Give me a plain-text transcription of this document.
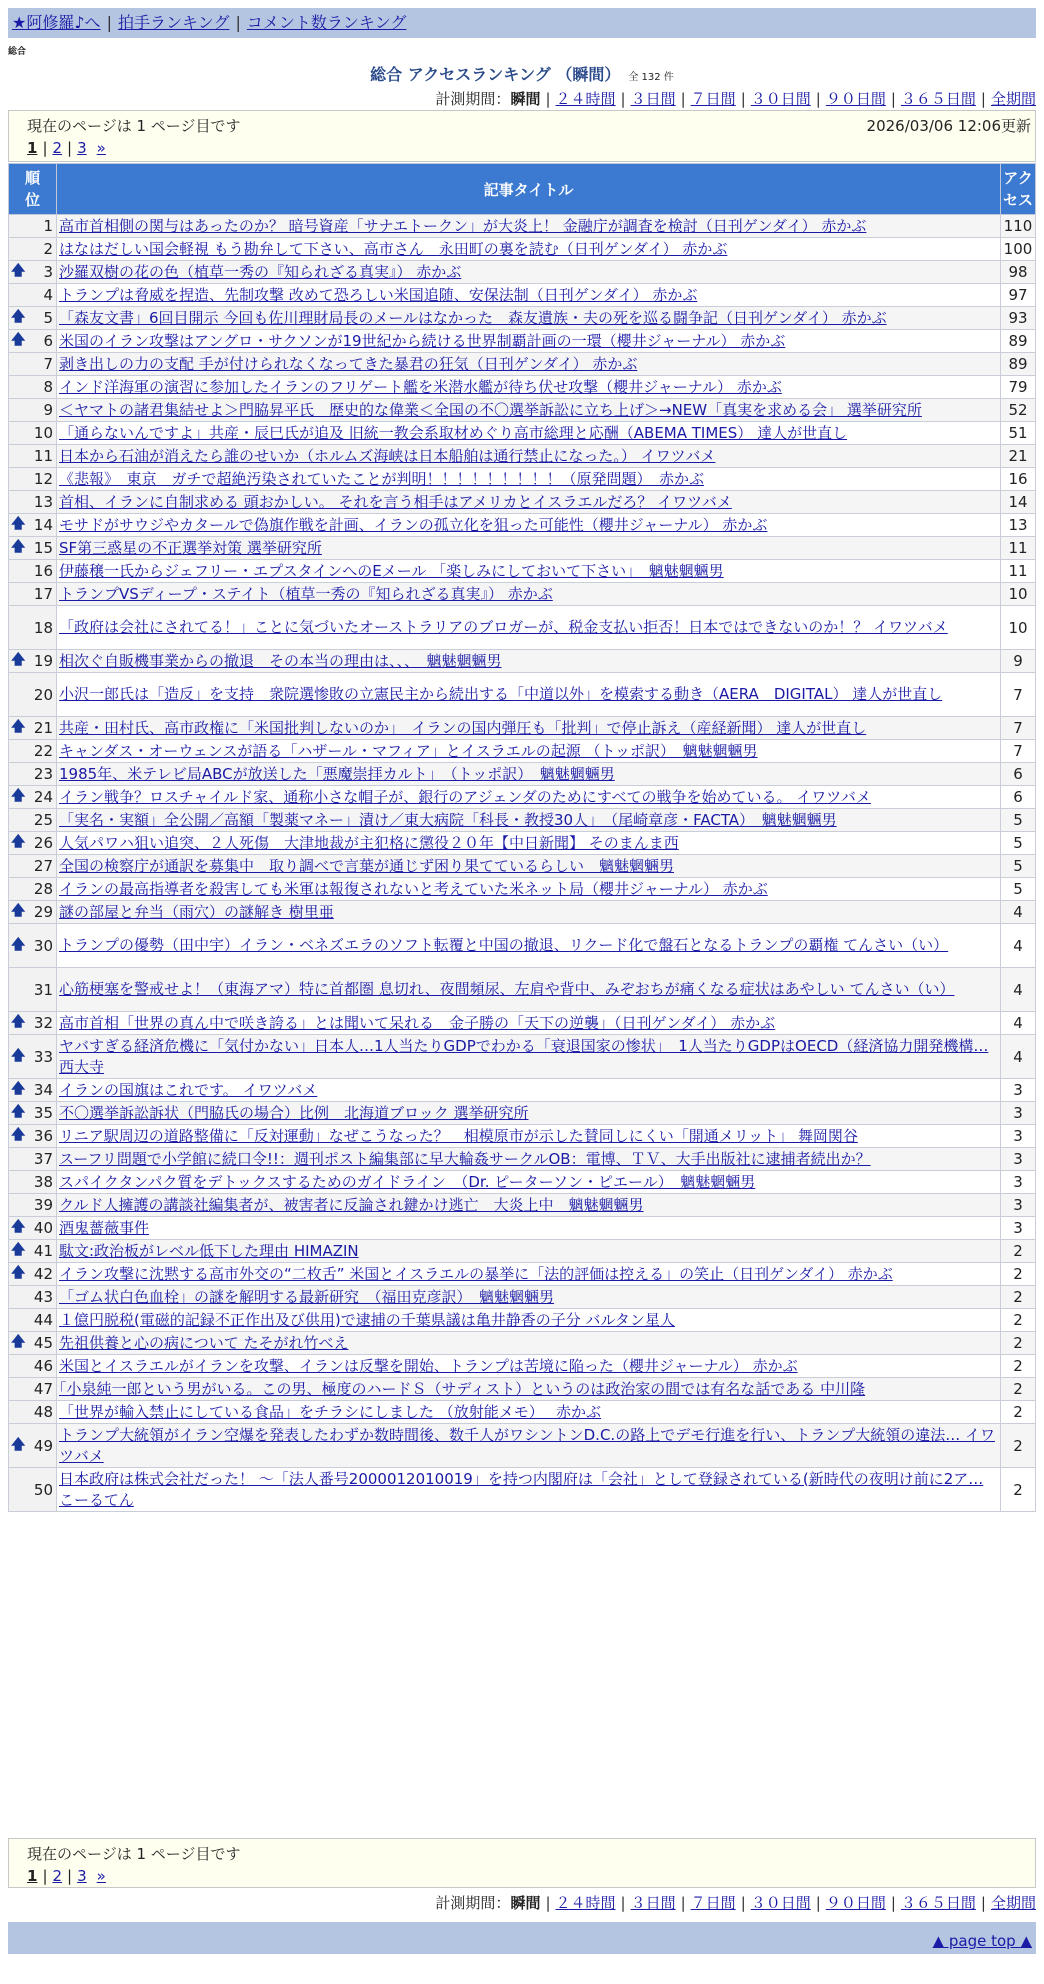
★阿修羅♪へ | 拍手ランキング | コメント数ランキング
総合
総合 アクセスランキング （瞬間） 全 132 件
計測期間：瞬間 | ２４時間 | ３日間 | ７日間 | ３０日間 | ９０日間 | ３６５日間 | 全期間
現在のページは 1 ページ目です	2026/03/06 12:06更新
1 | 2 | 3 »
順
位	記事タイトル	アク
セス
1	高市首相側の関与はあったのか？ 暗号資産「サナエトークン」が大炎上！ 金融庁が調査を検討（日刊ゲンダイ） 赤かぶ	110
2	はなはだしい国会軽視 もう勘弁して下さい、高市さん　永田町の裏を読む（日刊ゲンダイ） 赤かぶ	100

🡅 3	沙羅双樹の花の色（植草一秀の『知られざる真実』） 赤かぶ	98
4	トランプは脅威を捏造、先制攻撃 改めて恐ろしい米国追随、安保法制（日刊ゲンダイ） 赤かぶ	97

🡅 5	「森友文書」6回目開示 今回も佐川理財局長のメールはなかった　森友遺族・夫の死を巡る闘争記（日刊ゲンダイ） 赤かぶ	93

🡅 6	米国のイラン攻撃はアングロ・サクソンが19世紀から続ける世界制覇計画の一環（櫻井ジャーナル） 赤かぶ	89
7	剥き出しの力の支配 手が付けられなくなってきた暴君の狂気（日刊ゲンダイ） 赤かぶ	89
8	インド洋海軍の演習に参加したイランのフリゲート艦を米潜水艦が待ち伏せ攻撃（櫻井ジャーナル） 赤かぶ	79
9	＜ヤマトの諸君集結せよ＞門脇昇平氏　歴史的な偉業＜全国の不〇選挙訴訟に立ち上げ＞→NEW「真実を求める会」 選挙研究所	52
10	「通らないんですよ」共産・辰巳氏が追及 旧統一教会系取材めぐり高市総理と応酬（ABEMA TIMES） 達人が世直し	51
11	日本から石油が消えたら誰のせいか（ホルムズ海峡は日本船舶は通行禁止になった。） イワツバメ	21
12	《悲報》　東京　ガチで超絶汚染されていたことが判明！！！！！！！！！（原発問題）　赤かぶ	16
13	首相、イランに自制求める 頭おかしい。 それを言う相手はアメリカとイスラエルだろ？ イワツバメ	14

🡅 14	モサドがサウジやカタールで偽旗作戦を計画、イランの孤立化を狙った可能性（櫻井ジャーナル） 赤かぶ	13

🡅 15	SF第三惑星の不正選挙対策 選挙研究所	11
16	伊藤穣一氏からジェフリー・エプスタインへのEメール 「楽しみにしておいて下さい」　魑魅魍魎男	11
17	トランプVSディープ・ステイト（植草一秀の『知られざる真実』） 赤かぶ	10
18	「政府は会社にされてる！」ことに気づいたオーストラリアのブロガーが、税金支払い拒否！日本ではできないのか！？ イワツバメ	10

🡅 19	相次ぐ自販機事業からの撤退　その本当の理由は、、、　魑魅魍魎男	9
20	小沢一郎氏は「造反」を支持　衆院選惨敗の立憲民主から続出する「中道以外」を模索する動き（AERA　DIGITAL） 達人が世直し	7

🡅 21	共産・田村氏、高市政権に「米国批判しないのか」　イランの国内弾圧も「批判」で停止訴え（産経新聞） 達人が世直し	7
22	キャンダス・オーウェンスが語る「ハザール・マフィア」とイスラエルの起源 （トッポ訳）　魑魅魍魎男	7
23	1985年、米テレビ局ABCが放送した「悪魔崇拝カルト」　（トッポ訳）　魑魅魍魎男	6

🡅 24	イラン戦争？ロスチャイルド家、通称小さな帽子が、銀行のアジェンダのためにすべての戦争を始めている。 イワツバメ	6
25	「実名・実額」全公開／高額「製薬マネー」漬け／東大病院「科長・教授30人」　（尾崎章彦・FACTA）　魑魅魍魎男	5

🡅 26	人気パワハ狙い追突、２人死傷　大津地裁が主犯格に懲役２０年【中日新聞】 そのまんま西	5
27	全国の検察庁が通訳を募集中　取り調べで言葉が通じず困り果てているらしい　魑魅魍魎男	5
28	イランの最高指導者を殺害しても米軍は報復されないと考えていた米ネット局（櫻井ジャーナル） 赤かぶ	5

🡅 29	謎の部屋と弁当（雨穴）の謎解き 樹里亜	4

🡅 30	トランプの優勢（田中宇）イラン・ベネズエラのソフト転覆と中国の撤退、リクード化で盤石となるトランプの覇権 てんさい（い）	4
31	心筋梗塞を警戒せよ！（東海アマ）特に首都圏 息切れ、夜間頻尿、左肩や背中、みぞおちが痛くなる症状はあやしい てんさい（い）	4

🡅 32	高市首相「世界の真ん中で咲き誇る」とは聞いて呆れる　金子勝の「天下の逆襲」（日刊ゲンダイ） 赤かぶ	4

🡅 33	ヤバすぎる経済危機に「気付かない」日本人…1人当たりGDPでわかる「衰退国家の惨状」　1人当たりGDPはOECD（経済協力開発機構… 西大寺	4

🡅 34	イランの国旗はこれです。 イワツバメ	3

🡅 35	不〇選挙訴訟訴状（門脇氏の場合）比例　北海道ブロック 選挙研究所	3

🡅 36	リニア駅周辺の道路整備に「反対運動」なぜこうなった？　相模原市が示した賛同しにくい「開通メリット」 舞岡関谷	3
37	スーフリ問題で小学館に続口令!!：週刊ポスト編集部に早大輪姦サークルOB：電博、ＴＶ、大手出版社に逮捕者続出か？	3
38	スパイクタンパク質をデトックスするためのガイドライン　（Dr. ピーターソン・ピエール）　魑魅魍魎男	3
39	クルド人擁護の講談社編集者が、被害者に反論され鍵かけ逃亡　大炎上中　魑魅魍魎男	3

🡅 40	酒鬼薔薇事件	3

🡅 41	駄文:政治板がレベル低下した理由 HIMAZIN	2

🡅 42	イラン攻撃に沈黙する高市外交の“二枚舌” 米国とイスラエルの暴挙に「法的評価は控える」の笑止（日刊ゲンダイ） 赤かぶ	2
43	「ゴム状白色血栓」の謎を解明する最新研究　（福田克彦訳）　魑魅魍魎男	2
44	１億円脱税(電磁的記録不正作出及び供用)で逮捕の千葉県議は亀井静香の子分 バルタン星人	2

🡅 45	先祖供養と心の病について たそがれ竹べえ	2
46	米国とイスラエルがイランを攻撃、イランは反撃を開始、トランプは苦境に陥った（櫻井ジャーナル） 赤かぶ	2
47	｢小泉純一郎という男がいる。この男、極度のハードＳ（サディスト）というのは政治家の間では有名な話である 中川隆	2
48	「世界が輸入禁止にしている食品」をチラシにしました （放射能メモ）　 赤かぶ	2

🡅 49	トランプ大統領がイラン空爆を発表したわずか数時間後、数千人がワシントンD.C.の路上でデモ行進を行い、トランプ大統領の違法… イワツバメ	2
50	日本政府は株式会社だった！ 〜「法人番号2000012010019」を持つ内閣府は「会社」として登録されている(新時代の夜明け前に2ア… こーるてん	2
現在のページは 1 ページ目です
1 | 2 | 3 »
計測期間：瞬間 | ２４時間 | ３日間 | ７日間 | ３０日間 | ９０日間 | ３６５日間 | 全期間
▲ page top ▲
